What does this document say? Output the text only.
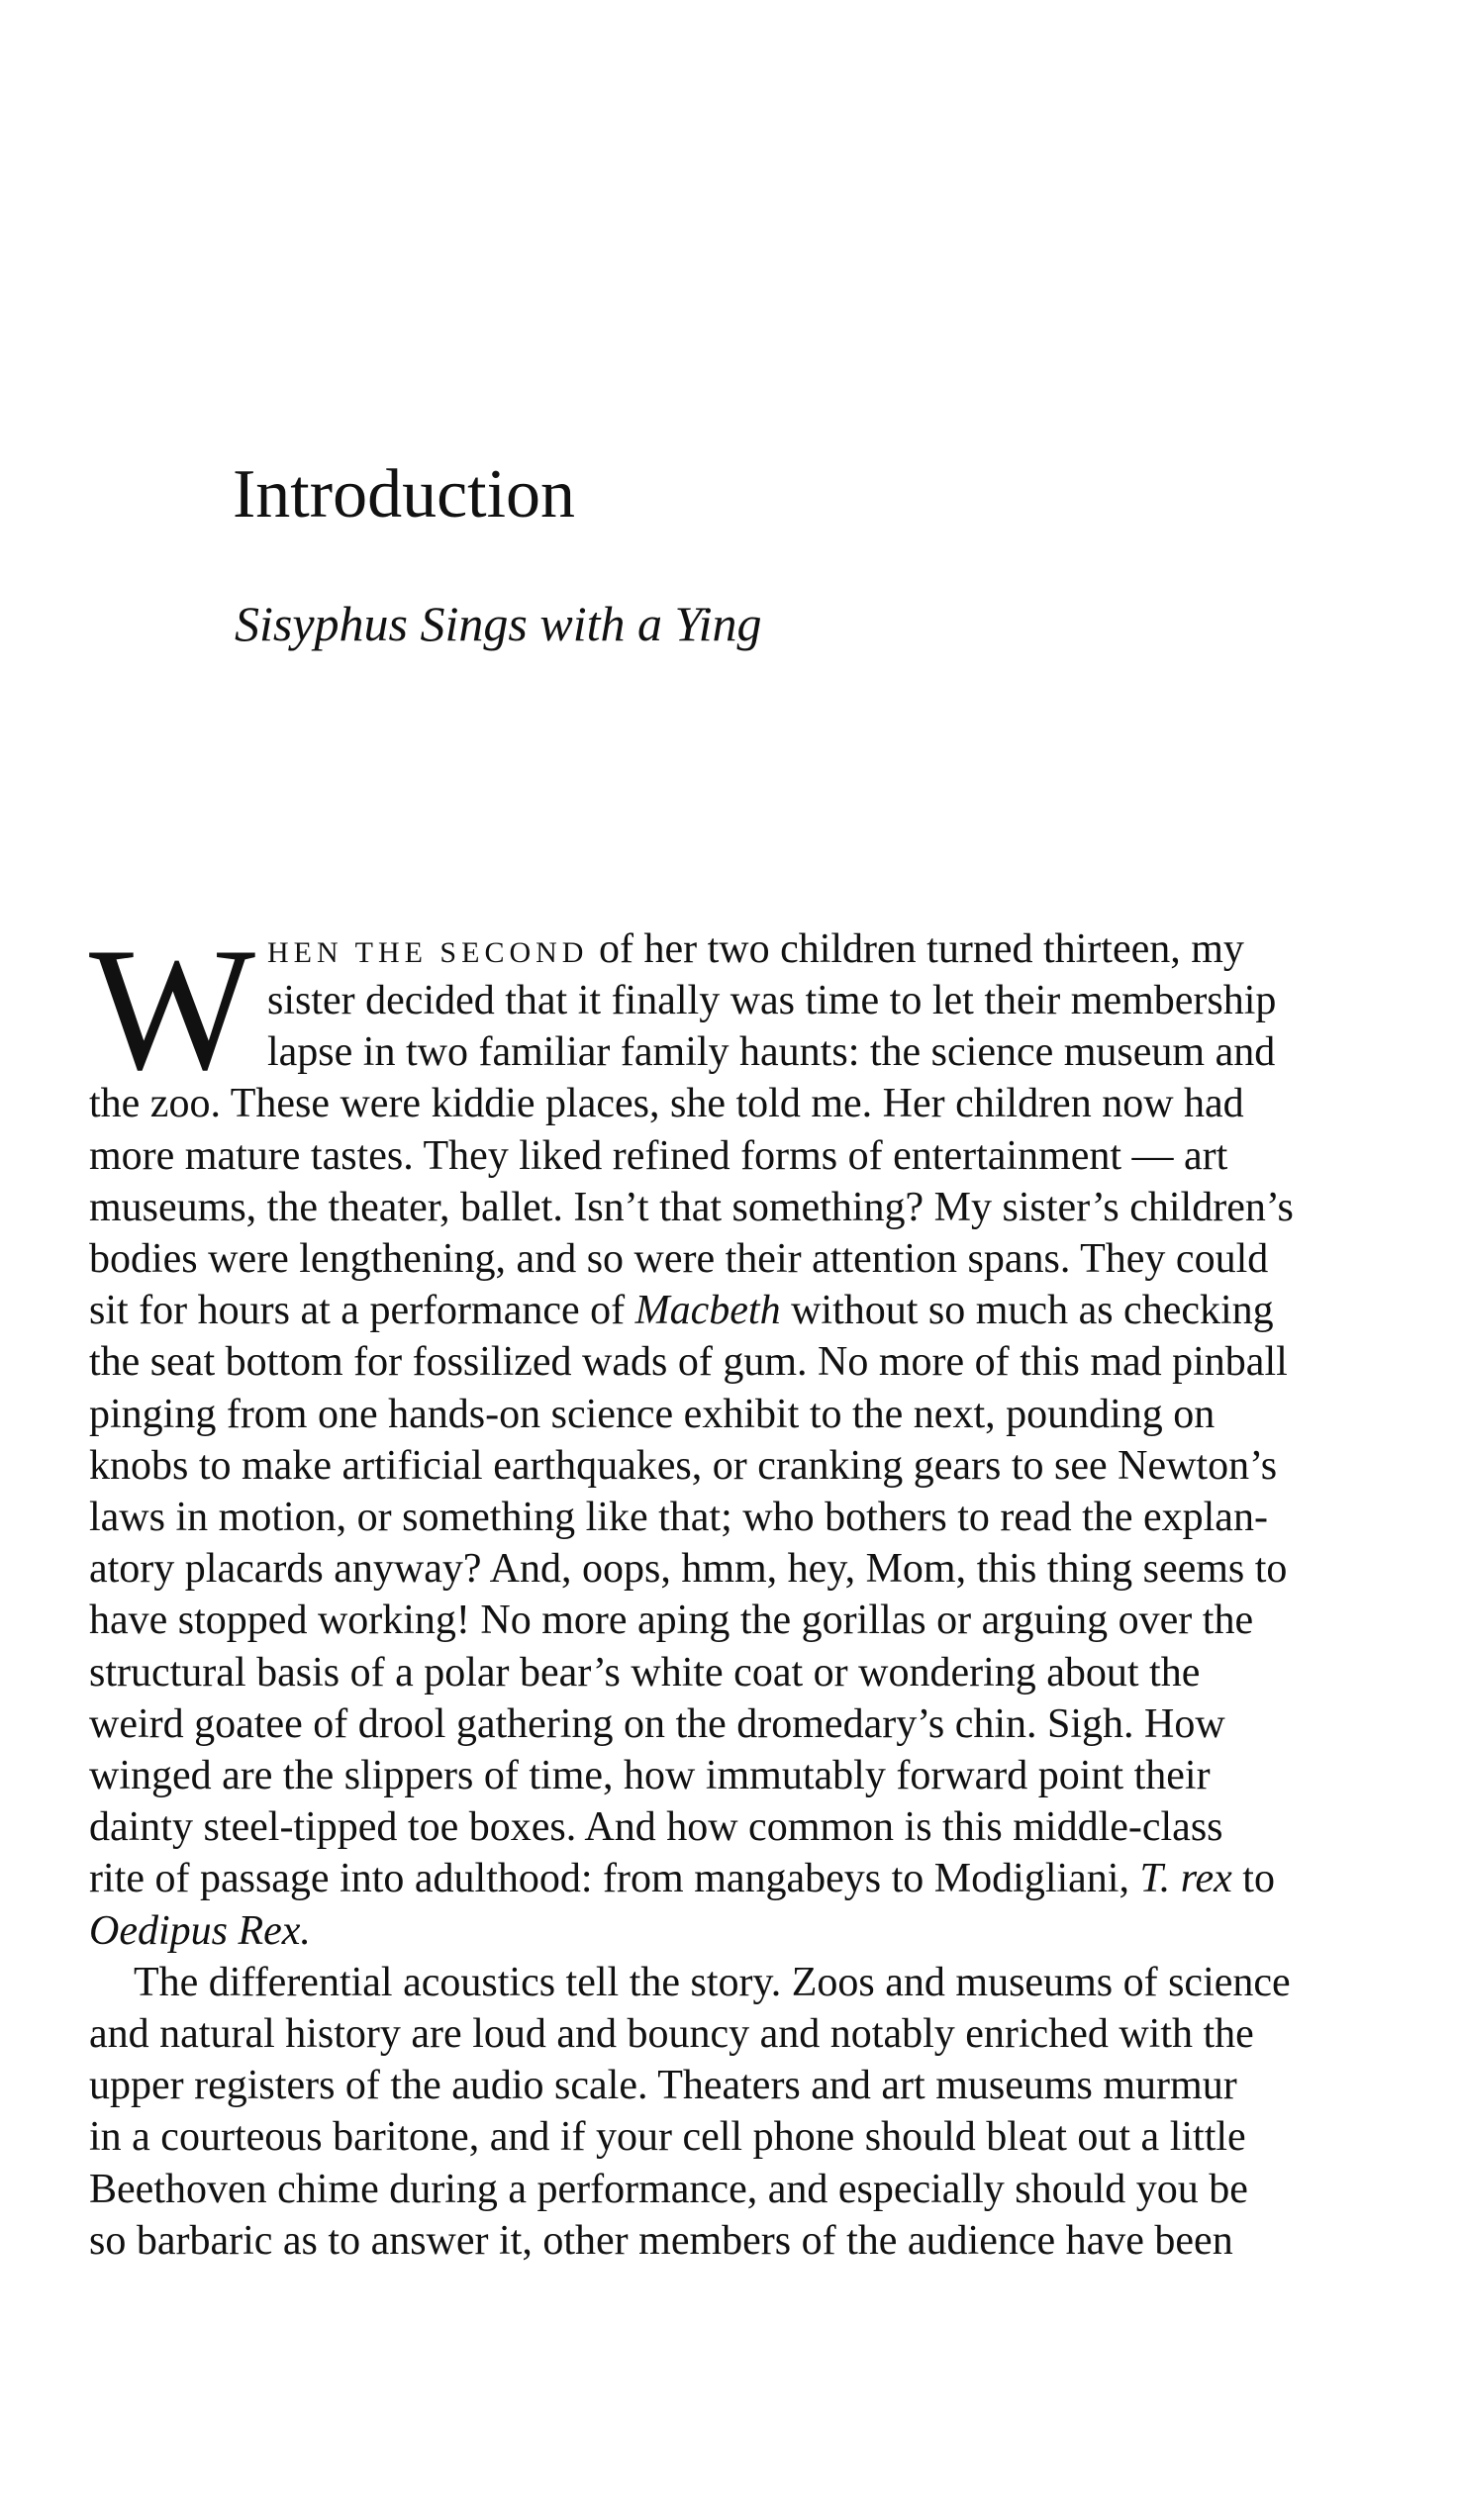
Introduction
Sisyphus Sings with a Ying
W HEN THE SECOND of her two children turned thirteen, my
sister decided that it finally was time to let their membership
lapse in two familiar family haunts: the science museum and
the zoo. These were kiddie places, she told me. Her children now had
more mature tastes. They liked refined forms of entertainment — art
museums, the theater, ballet. Isn’t that something? My sister’s children’s
bodies were lengthening, and so were their attention spans. They could
sit for hours at a performance of Macbeth without so much as checking
the seat bottom for fossilized wads of gum. No more of this mad pinball
pinging from one hands-on science exhibit to the next, pounding on
knobs to make artificial earthquakes, or cranking gears to see Newton’s
laws in motion, or something like that; who bothers to read the explan-
atory placards anyway? And, oops, hmm, hey, Mom, this thing seems to
have stopped working! No more aping the gorillas or arguing over the
structural basis of a polar bear’s white coat or wondering about the
weird goatee of drool gathering on the dromedary’s chin. Sigh. How
winged are the slippers of time, how immutably forward point their
dainty steel-tipped toe boxes. And how common is this middle-class
rite of passage into adulthood: from mangabeys to Modigliani, T. rex to
Oedipus Rex.
The differential acoustics tell the story. Zoos and museums of science
and natural history are loud and bouncy and notably enriched with the
upper registers of the audio scale. Theaters and art museums murmur
in a courteous baritone, and if your cell phone should bleat out a little
Beethoven chime during a performance, and especially should you be
so barbaric as to answer it, other members of the audience have been
